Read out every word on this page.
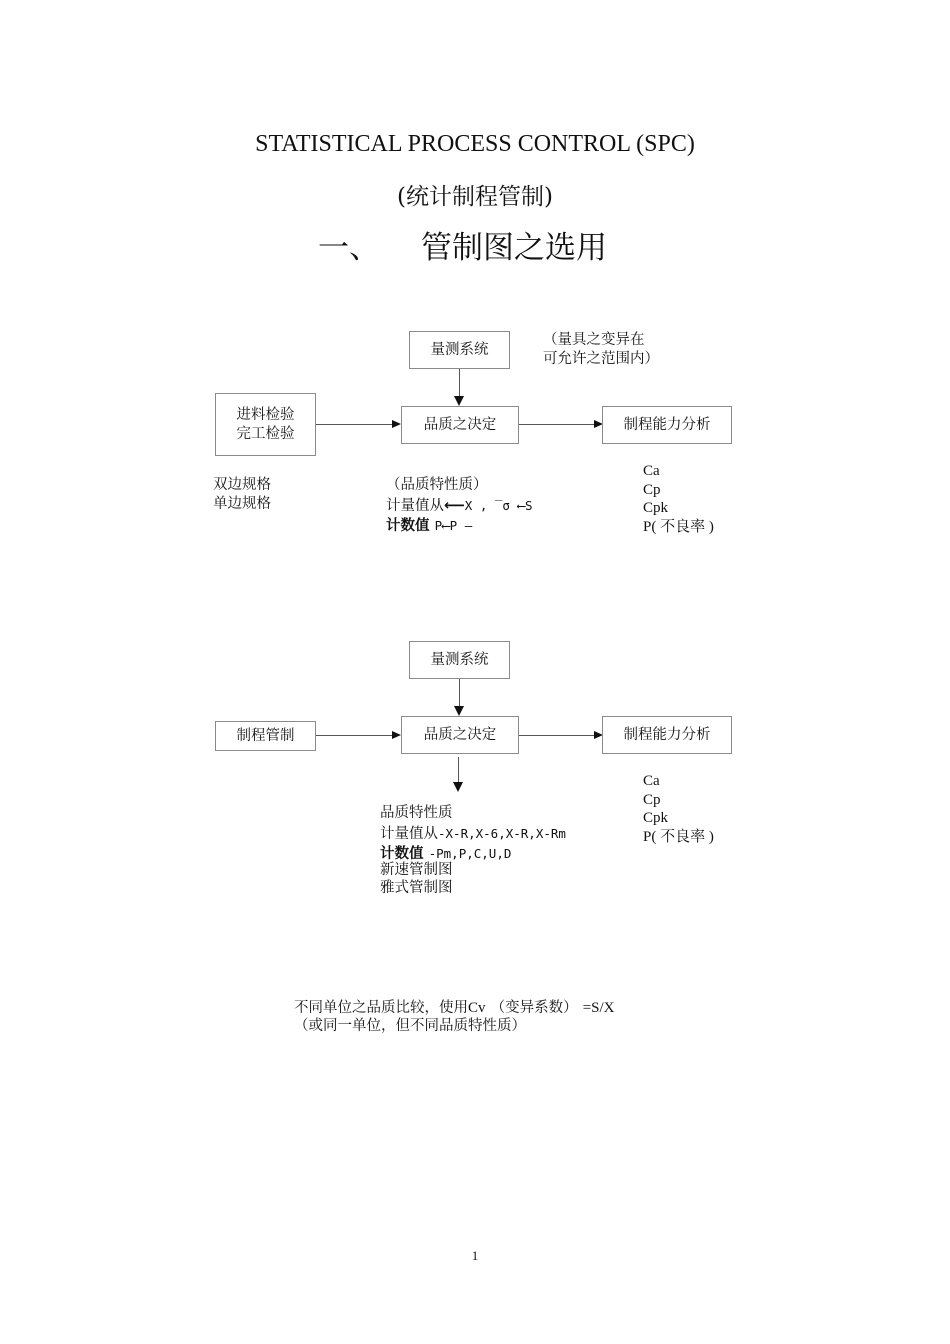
STATISTICAL PROCESS CONTROL (SPC)
(统计制程管制)
一、 管制图之选用
量测系统
（量具之变异在
可允许之范围内）
进料检验
完工检验
品质之决定	制程能力分析
双边规格
单边规格
（品质特性质）
计量值从⟵X , ‾σ ⟵S
计数值 P⟵P —
Ca
Cp
Cpk
P( 不良率 )
量测系统
制程管制	品质之决定	制程能力分析
品质特性质
计量值从-X-R,X-6,X-R,X-Rm
计数值 -Pm,P,C,U,D
新速管制图
雅式管制图
Ca
Cp
Cpk
P( 不良率 )
不同单位之品质比较，使用Cv （变异系数） =S/X
（或同一单位，但不同品质特性质）
1
